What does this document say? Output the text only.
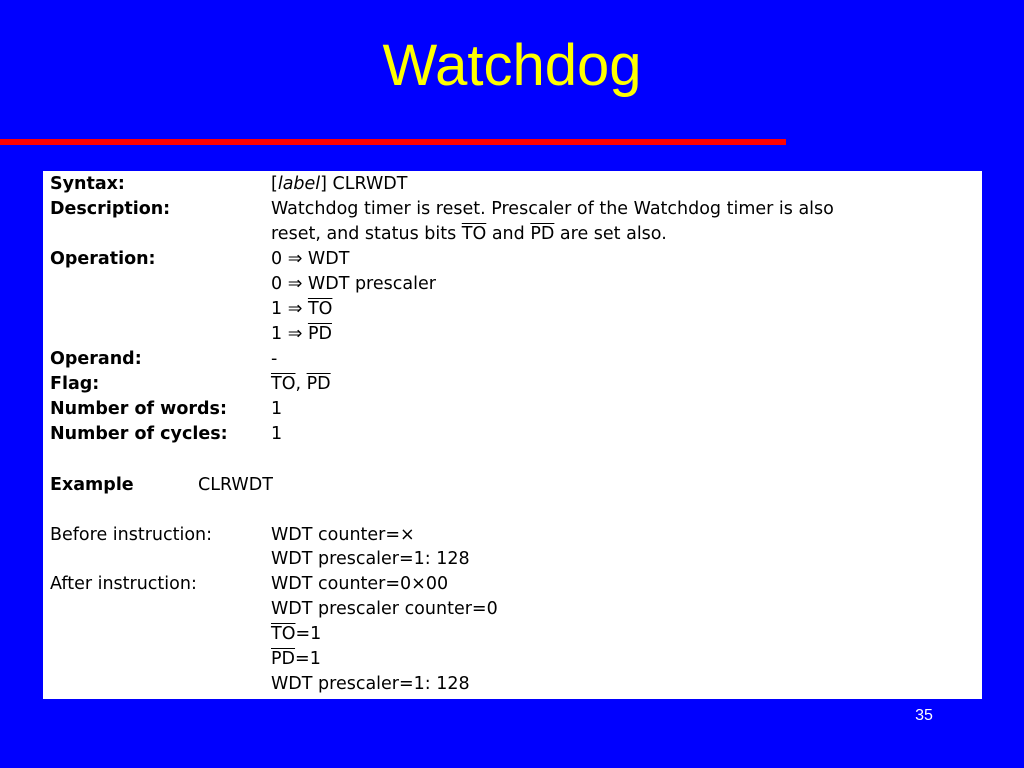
Watchdog
Syntax:	[label] CLRWDT
Description:	Watchdog timer is reset. Prescaler of the Watchdog timer is also
reset, and status bits $\overline{TO}$ and $\overline{PD}$ are set also.
Operation:	0 ⇒ WDT
0 ⇒ WDT prescaler
1 ⇒ $\overline{TO}$
1 ⇒ $\overline{PD}$
Operand:	-
Flag:	$\overline{TO}$, $\overline{PD}$
Number of words:	1
Number of cycles: 1
Example	CLRWDT
Before instruction:	WDT counter=×
WDT prescaler=1: 128
After instruction:	WDT counter=0×00
WDT prescaler counter=0
$\overline{TO}=1$
$\overline{PD}=1$
WDT prescaler=1: 128
35
